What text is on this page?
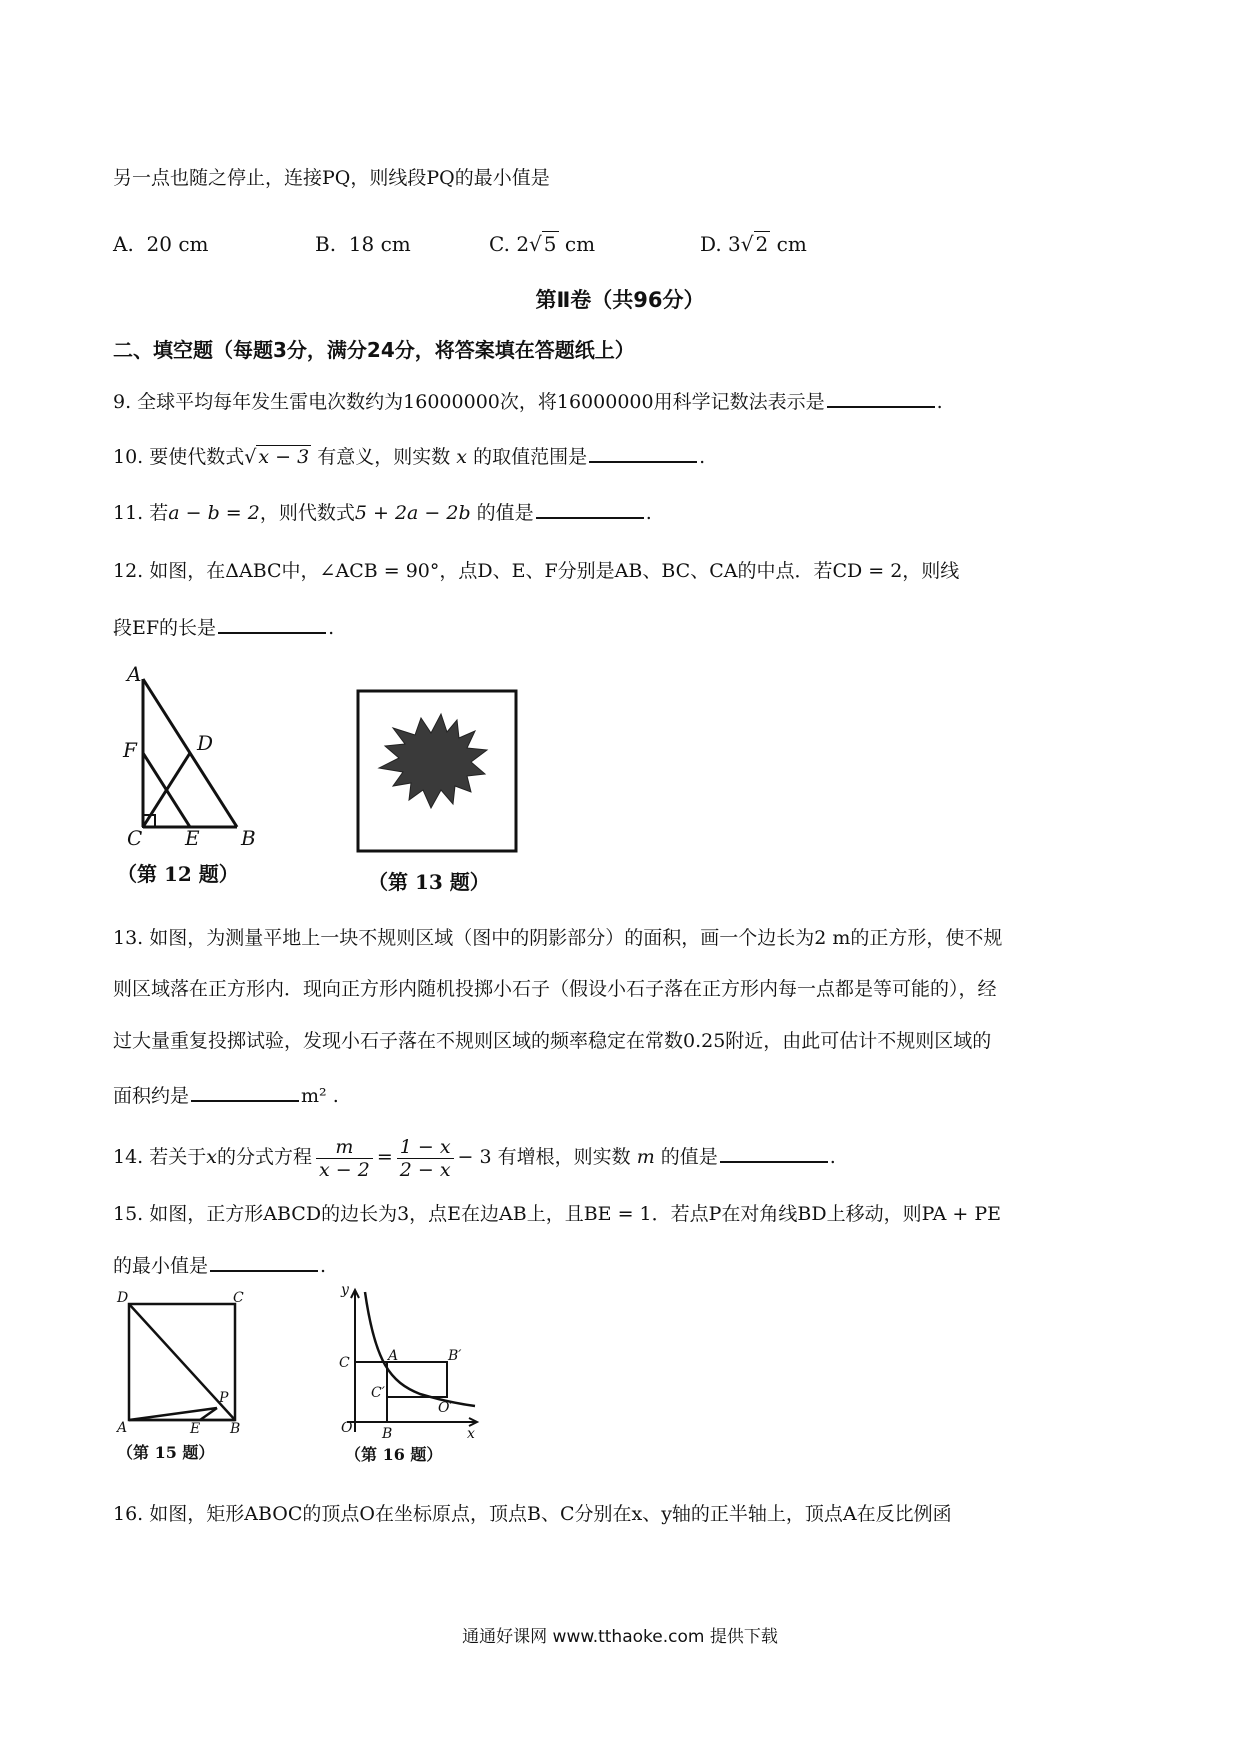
另一点也随之停止，连接PQ，则线段PQ的最小值是
A. 20 cm	B. 18 cm	C. 2√ 5 cm	D. 3√ 2 cm
第Ⅱ卷（共96分）
二、填空题（每题3分，满分24分，将答案填在答题纸上）
9. 全球平均每年发生雷电次数约为16000000次，将16000000用科学记数法表示是	.
10. 要使代数式√ x − 3 有意义，则实数 x 的取值范围是	.
11. 若a − b = 2，则代数式5 + 2a − 2b 的值是	.
12. 如图，在ΔABC中，∠ACB = 90°，点D、E、F分别是AB、BC、CA的中点．若CD = 2，则线
段EF的长是	.
A
B
C
D
E
F
（第 12 题）	（第 13 题）
13. 如图，为测量平地上一块不规则区域（图中的阴影部分）的面积，画一个边长为2 m的正方形，使不规
则区域落在正方形内．现向正方形内随机投掷小石子（假设小石子落在正方形内每一点都是等可能的），经
过大量重复投掷试验，发现小石子落在不规则区域的频率稳定在常数0.25附近，由此可估计不规则区域的
面积约是	m² .
14. 若关于x的分式方程 $\frac{m}{x - 2} = \frac{1 - x}{2 - x} - 3$ 有增根，则实数 m 的值是	.
15. 如图，正方形ABCD的边长为3，点E在边AB上，且BE = 1．若点P在对角线BD上移动，则PA + PE
的最小值是	.
D	C
A	E B
P
（第 15 题）
y
x
O
C	A	B′
C′
O′
B
（第 16 题）
16. 如图，矩形ABOC的顶点O在坐标原点，顶点B、C分别在x、y轴的正半轴上，顶点A在反比例函
通通好课网 www.tthaoke.com 提供下载
